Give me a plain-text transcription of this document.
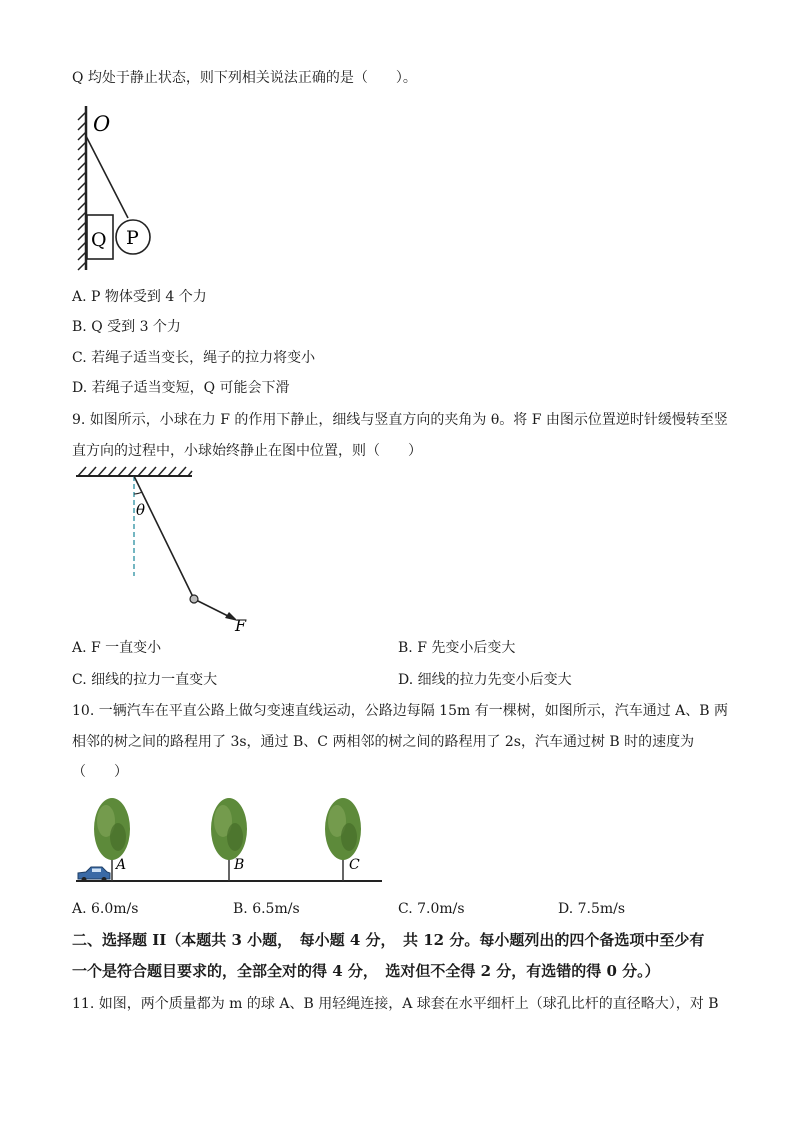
Q 均处于静止状态，则下列相关说法正确的是（　　）。
O
Q P
A. P 物体受到 4 个力
B. Q 受到 3 个力
C. 若绳子适当变长，绳子的拉力将变小
D. 若绳子适当变短，Q 可能会下滑
9. 如图所示，小球在力 F 的作用下静止，细线与竖直方向的夹角为 θ。将 F 由图示位置逆时针缓慢转至竖
直方向的过程中，小球始终静止在图中位置，则（　　）
θ
F
A. F 一直变小	B. F 先变小后变大
C. 细线的拉力一直变大	D. 细线的拉力先变小后变大
10. 一辆汽车在平直公路上做匀变速直线运动，公路边每隔 15m 有一棵树，如图所示，汽车通过 A、B 两
相邻的树之间的路程用了 3s，通过 B、C 两相邻的树之间的路程用了 2s，汽车通过树 B 时的速度为
（　　）
A	B	C
A. 6.0m/s	B. 6.5m/s	C. 7.0m/s	D. 7.5m/s
二、选择题 II（本题共 3 小题，　每小题 4 分，　共 12 分。每小题列出的四个备选项中至少有
一个是符合题目要求的，全部全对的得 4 分，　选对但不全得 2 分，有选错的得 0 分。）
11. 如图，两个质量都为 m 的球 A、B 用轻绳连接，A 球套在水平细杆上（球孔比杆的直径略大），对 B
